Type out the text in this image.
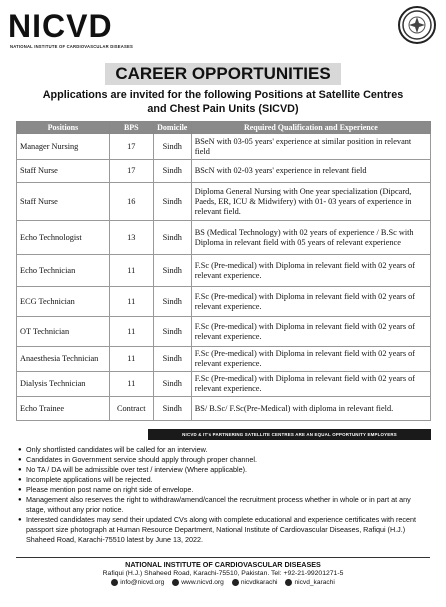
NICVD
NATIONAL INSTITUTE OF CARDIOVASCULAR DISEASES
CAREER OPPORTUNITIES
Applications are invited for the following Positions at Satellite Centres
and Chest Pain Units (SICVD)
Positions	BPS	Domicile	Required Qualification and Experience
Manager Nursing	17	Sindh	BSeN with 03-05 years' experience at similar position in relevant field
Staff Nurse	17	Sindh	BScN with 02-03 years' experience in relevant field
Staff Nurse	16	Sindh	Diploma General Nursing with One year specialization (Dipcard, Paeds, ER, ICU & Midwifery) with 01- 03 years of experience in relevant field.
Echo Technologist	13	Sindh	BS (Medical Technology) with 02 years of experience / B.Sc with Diploma in relevant field with 05 years of relevant experience
Echo Technician	11	Sindh	F.Sc (Pre-medical) with Diploma in relevant field with 02 years of relevant experience.
ECG Technician	11	Sindh	F.Sc (Pre-medical) with Diploma in relevant field with 02 years of relevant experience.
OT Technician	11	Sindh	F.Sc (Pre-medical) with Diploma in relevant field with 02 years of relevant experience.
Anaesthesia Technician	11	Sindh	F.Sc (Pre-medical) with Diploma in relevant field with 02 years of relevant experience.
Dialysis Technician	11	Sindh	F.Sc (Pre-medical) with Diploma in relevant field with 02 years of relevant experience.
Echo Trainee	Contract	Sindh	BS/ B.Sc/ F.Sc(Pre-Medical) with diploma in relevant field.
NICVD & IT's PARTNERING SATELLITE CENTRES ARE AN EQUAL OPPORTUNITY EMPLOYERS
● Only shortlisted candidates will be called for an interview.
● Candidates in Government service should apply through proper channel.
● No TA / DA will be admissible over test / interview (Where applicable).
● Incomplete applications will be rejected.
● Please mention post name on right side of envelope.
● Management also reserves the right to withdraw/amend/cancel the recruitment process whether in whole or in part at any stage, without any prior notice.
● Interested candidates may send their updated CVs along with complete educational and experience certificates with recent passport size photograph at Human Resource Department, National Institute of Cardiovascular Diseases, Rafiqui (H.J.) Shaheed Road, Karachi-75510 latest by June 13, 2022.
NATIONAL INSTITUTE OF CARDIOVASCULAR DISEASES
Rafiqui (H.J.) Shaheed Road, Karachi-75510, Pakistan. Tel: +92-21-99201271-5
info@nicvd.org	www.nicvd.org	nicvdkarachi	nicvd_karachi
